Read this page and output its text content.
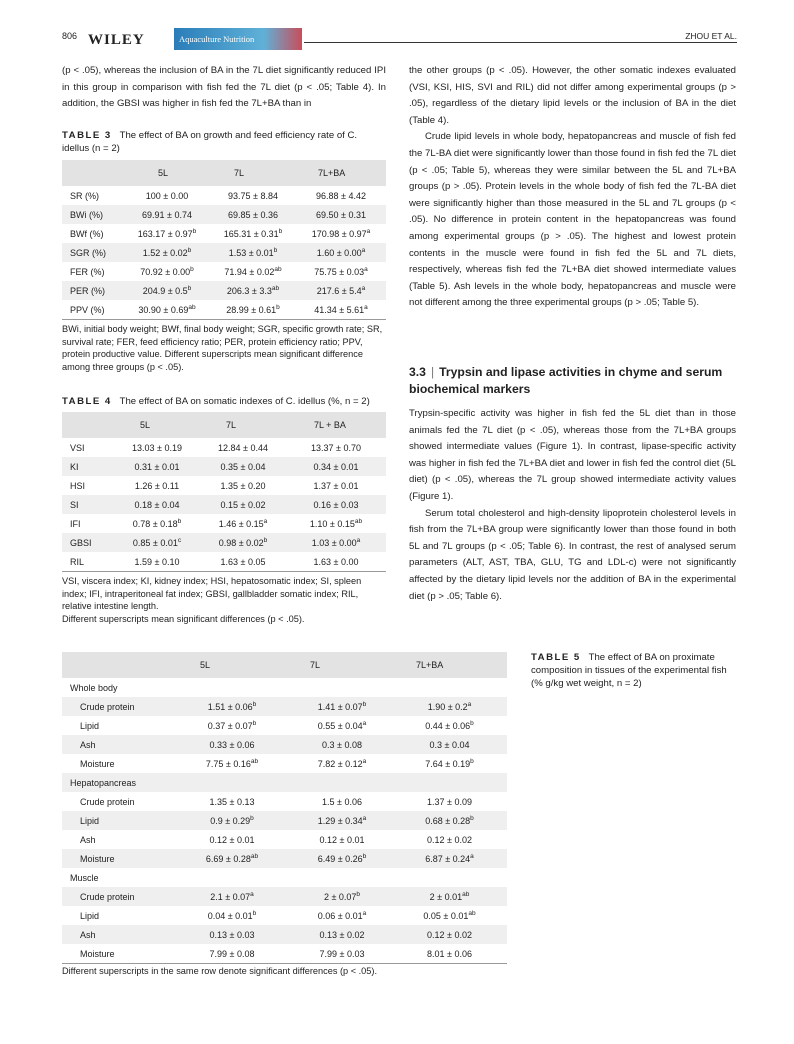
806 WILEY	Aquaculture Nutrition	ZHOU ET AL.

(p < .05), whereas the inclusion of BA in the 7L diet significantly reduced IPI in this group in comparison with fish fed the 7L diet (p < .05; Table 4). In addition, the GBSI was higher in fish fed the 7L+BA than in

TABLE 3 The effect of BA on growth and feed efficiency rate of C. idellus (n = 2)
	5L	7L	7L+BA
SR (%)	100 ± 0.00	93.75 ± 8.84	96.88 ± 4.42
BWi (%)	69.91 ± 0.74	69.85 ± 0.36	69.50 ± 0.31
BWf (%)	163.17 ± 0.97$^b$	165.31 ± 0.31$^b$	170.98 ± 0.97$^a$
SGR (%)	1.52 ± 0.02$^b$	1.53 ± 0.01$^b$	1.60 ± 0.00$^a$
FER (%)	70.92 ± 0.00$^b$	71.94 ± 0.02$^{ab}$	75.75 ± 0.03$^a$
PER (%)	204.9 ± 0.5$^b$	206.3 ± 3.3$^{ab}$	217.6 ± 5.4$^a$
PPV (%)	30.90 ± 0.69$^{ab}$	28.99 ± 0.61$^b$	41.34 ± 5.61$^a$
BWi, initial body weight; BWf, final body weight; SGR, specific growth rate; SR, survival rate; FER, feed efficiency ratio; PER, protein efficiency ratio; PPV, protein productive value. Different superscripts mean significant difference among three groups (p < .05).
TABLE 4 The effect of BA on somatic indexes of C. idellus (%, n = 2)
	5L	7L	7L + BA
VSI	13.03 ± 0.19	12.84 ± 0.44	13.37 ± 0.70
KI	0.31 ± 0.01	0.35 ± 0.04	0.34 ± 0.01
HSI	1.26 ± 0.11	1.35 ± 0.20	1.37 ± 0.01
SI	0.18 ± 0.04	0.15 ± 0.02	0.16 ± 0.03
IFI	0.78 ± 0.18$^b$	1.46 ± 0.15$^a$	1.10 ± 0.15$^{ab}$
GBSI	0.85 ± 0.01$^c$	0.98 ± 0.02$^b$	1.03 ± 0.00$^a$
RIL	1.59 ± 0.10	1.63 ± 0.05	1.63 ± 0.00
VSI, viscera index; KI, kidney index; HSI, hepatosomatic index; SI, spleen index; IFI, intraperitoneal fat index; GBSI, gallbladder somatic index; RIL, relative intestine length.
Different superscripts mean significant differences (p < .05).

the other groups (p < .05). However, the other somatic indexes evaluated (VSI, KSI, HIS, SVI and RIL) did not differ among experimental groups (p > .05), regardless of the dietary lipid levels or the inclusion of BA in the diet (Table 4).

Crude lipid levels in whole body, hepatopancreas and muscle of fish fed the 7L-BA diet were significantly lower than those found in fish fed the 7L diet (p < .05; Table 5), whereas they were similar between the 5L and 7L+BA groups (p > .05). Protein levels in the whole body of fish fed the 7L-BA diet were significantly higher than those measured in the 5L and 7L groups (p < .05). No difference in protein content in the hepatopancreas was found among experimental groups (p > .05). The highest and lowest protein contents in the muscle were found in fish fed the 5L and 7L diets, respectively, whereas fish fed the 7L+BA diet showed intermediate values (Table 5). Ash levels in the whole body, hepatopancreas and muscle were not different among the three experimental groups (p > .05; Table 5).

3.3 | Trypsin and lipase activities in chyme and serum biochemical markers

Trypsin-specific activity was higher in fish fed the 5L diet than in those animals fed the 7L diet (p < .05), whereas those from the 7L+BA groups showed intermediate values (Figure 1). In contrast, lipase-specific activity was higher in fish fed the 7L+BA diet and lower in fish fed the control diet (5L diet) (p < .05), whereas the 7L group showed intermediate activity values (Figure 1).

Serum total cholesterol and high-density lipoprotein cholesterol levels in fish from the 7L+BA group were significantly lower than those found in both 5L and 7L groups (p < .05; Table 6). In contrast, the rest of analysed serum parameters (ALT, AST, TBA, GLU, TG and LDL-c) were not significantly affected by the dietary lipid levels nor the addition of BA in the experimental diet (p > .05; Table 6).

	5L	7L	7L+BA
Whole body			
Crude protein	1.51 ± 0.06$^b$	1.41 ± 0.07$^b$	1.90 ± 0.2$^a$
Lipid	0.37 ± 0.07$^b$	0.55 ± 0.04$^a$	0.44 ± 0.06$^b$
Ash	0.33 ± 0.06	0.3 ± 0.08	0.3 ± 0.04
Moisture	7.75 ± 0.16$^{ab}$	7.82 ± 0.12$^a$	7.64 ± 0.19$^b$
Hepatopancreas			
Crude protein	1.35 ± 0.13	1.5 ± 0.06	1.37 ± 0.09
Lipid	0.9 ± 0.29$^b$	1.29 ± 0.34$^a$	0.68 ± 0.28$^b$
Ash	0.12 ± 0.01	0.12 ± 0.01	0.12 ± 0.02
Moisture	6.69 ± 0.28$^{ab}$	6.49 ± 0.26$^b$	6.87 ± 0.24$^a$
Muscle			
Crude protein	2.1 ± 0.07$^a$	2 ± 0.07$^b$	2 ± 0.01$^{ab}$
Lipid	0.04 ± 0.01$^b$	0.06 ± 0.01$^a$	0.05 ± 0.01$^{ab}$
Ash	0.13 ± 0.03	0.13 ± 0.02	0.12 ± 0.02
Moisture	7.99 ± 0.08	7.99 ± 0.03	8.01 ± 0.06
Different superscripts in the same row denote significant differences (p < .05).
TABLE 5 The effect of BA on proximate composition in tissues of the experimental fish (% g/kg wet weight, n = 2)
